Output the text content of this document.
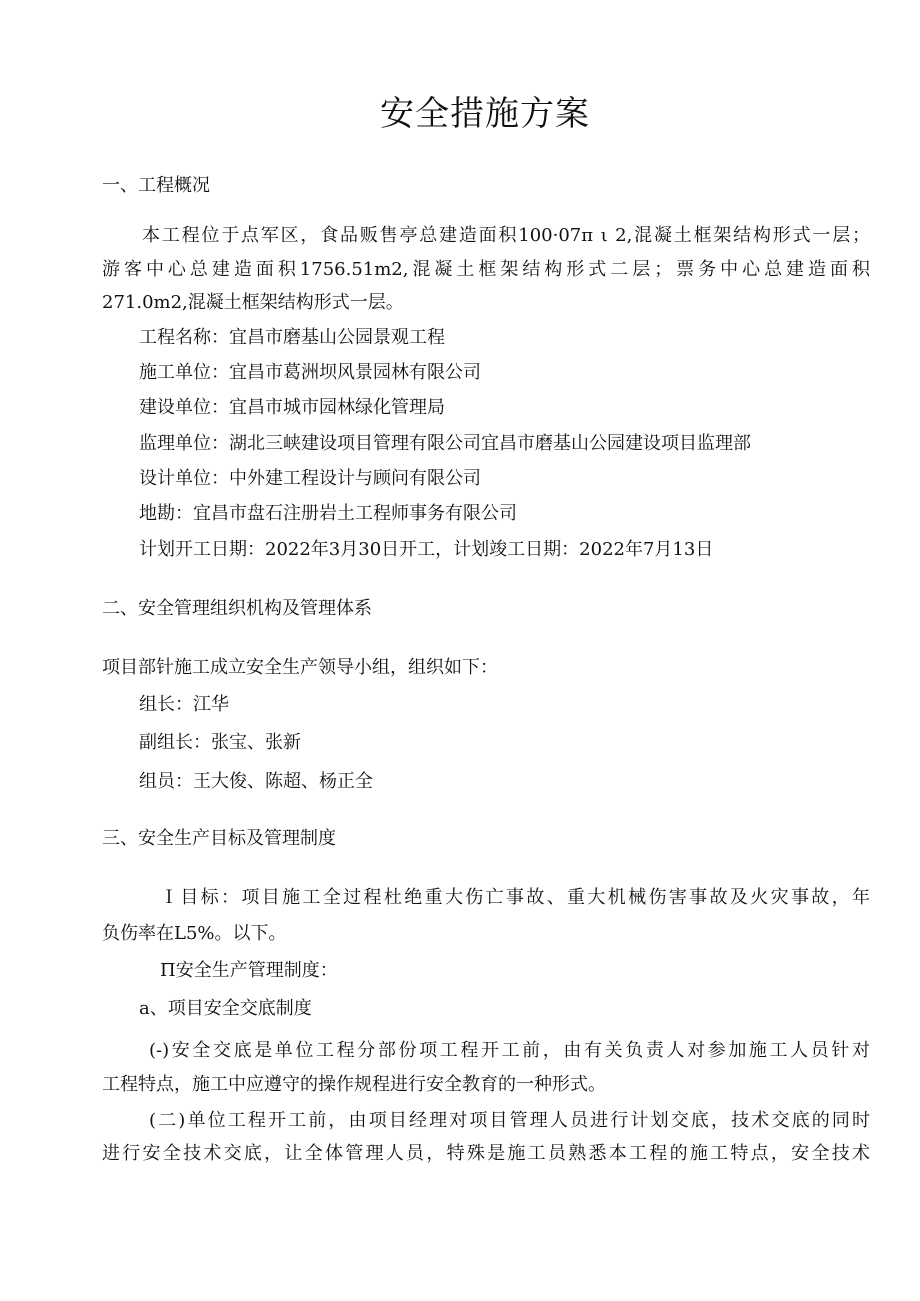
安全措施方案
一、工程概况
本工程位于点军区，食品贩售亭总建造面积100·07π ι 2,混凝土框架结构形式一层；
游客中心总建造面积1756.51m2,混凝土框架结构形式二层；票务中心总建造面积
271.0m2,混凝土框架结构形式一层。
工程名称：宜昌市磨基山公园景观工程
施工单位：宜昌市葛洲坝风景园林有限公司
建设单位：宜昌市城市园林绿化管理局
监理单位：湖北三峡建设项目管理有限公司宜昌市磨基山公园建设项目监理部
设计单位：中外建工程设计与顾问有限公司
地勘：宜昌市盘石注册岩土工程师事务有限公司
计划开工日期：2022年3月30日开工，计划竣工日期：2022年7月13日
二、安全管理组织机构及管理体系
项目部针施工成立安全生产领导小组，组织如下：
组长：江华
副组长：张宝、张新
组员：王大俊、陈超、杨正全
三、安全生产目标及管理制度
Ｉ目标：项目施工全过程杜绝重大伤亡事故、重大机械伤害事故及火灾事故，年
负伤率在L5%。以下。
Π安全生产管理制度：
a、项目安全交底制度
(-)安全交底是单位工程分部份项工程开工前，由有关负责人对参加施工人员针对
工程特点，施工中应遵守的操作规程进行安全教育的一种形式。
(二)单位工程开工前，由项目经理对项目管理人员进行计划交底，技术交底的同时
进行安全技术交底，让全体管理人员，特殊是施工员熟悉本工程的施工特点，安全技术
